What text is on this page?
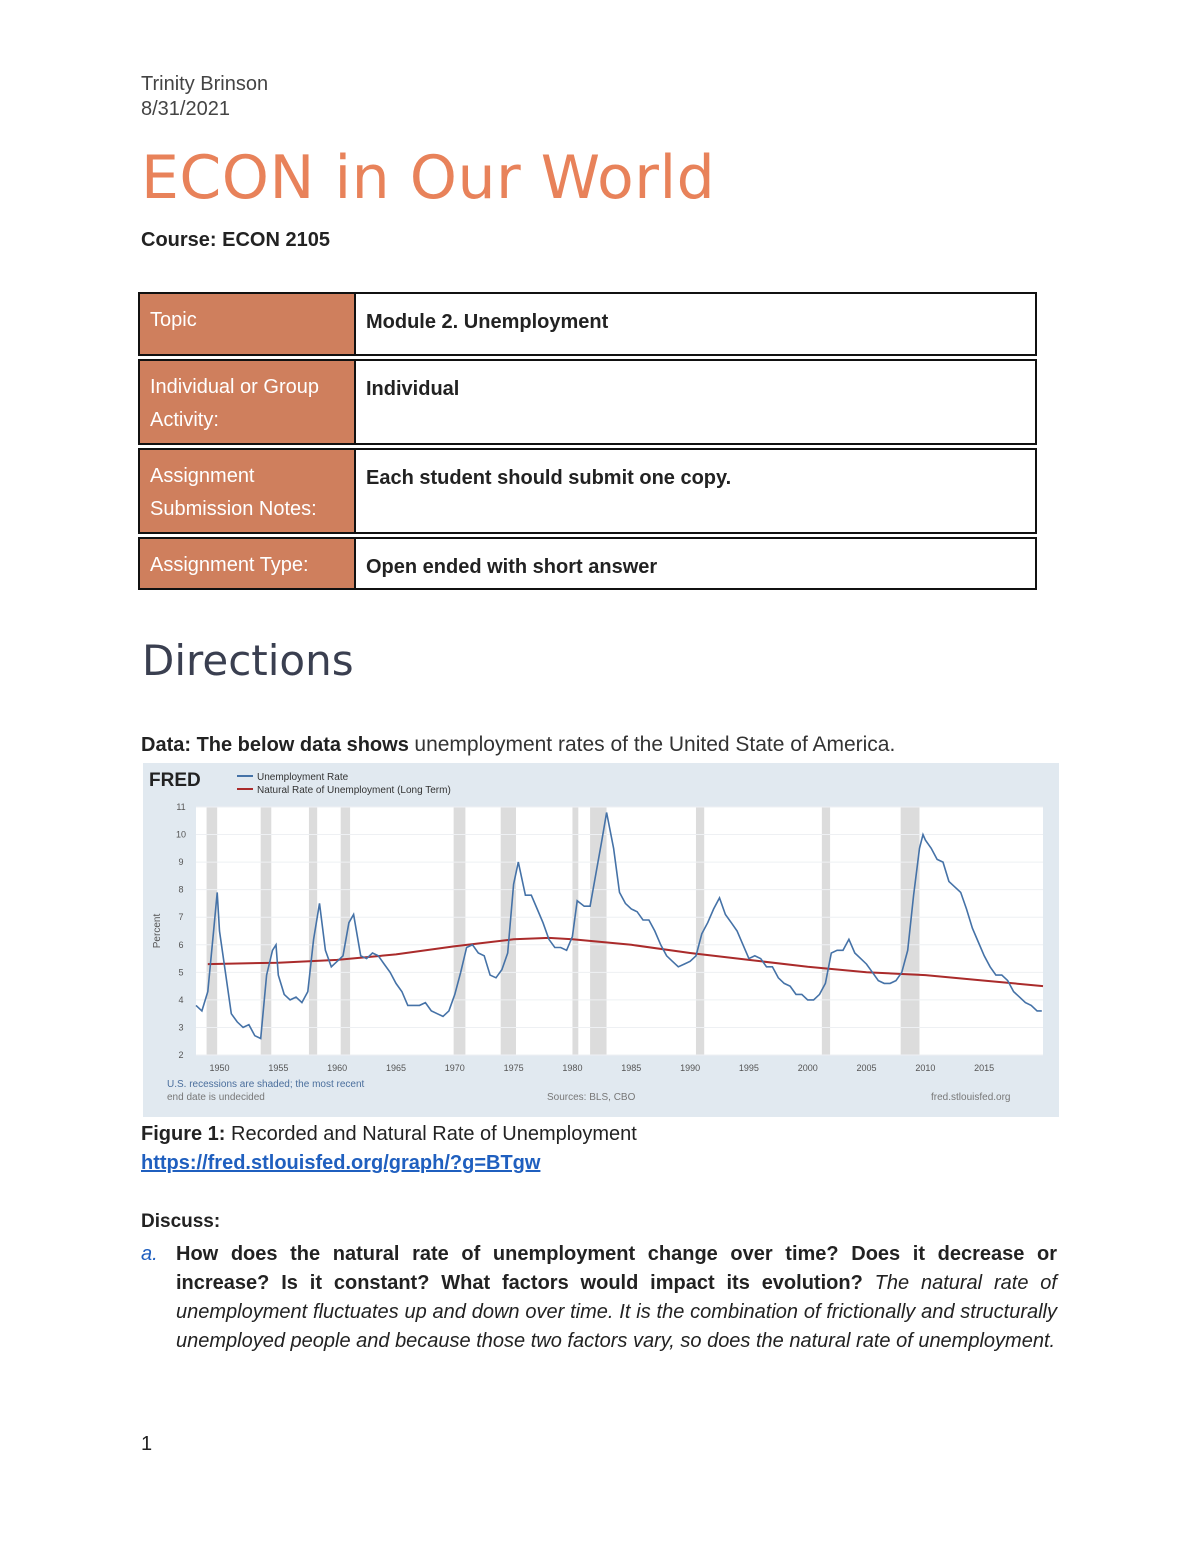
Trinity Brinson
8/31/2021
ECON in Our World
Course: ECON 2105
Topic	Module 2. Unemployment
Individual or Group Activity:	Individual
Assignment Submission Notes:	Each student should submit one copy.
Assignment Type:	Open ended with short answer
Directions
Data: The below data shows unemployment rates of the United State of America.
FRED	Unemployment Rate
Natural Rate of Unemployment (Long Term)
2
3
4
5
6
7
8
9
10
11
1950	1955	1960	1965	1970	1975	1980	1985	1990	1995	2000	2005	2010	2015
Percent
U.S. recessions are shaded; the most recent
end date is undecided	Sources: BLS, CBO	fred.stlouisfed.org
Figure 1: Recorded and Natural Rate of Unemployment
https://fred.stlouisfed.org/graph/?g=BTgw
Discuss:
a. How does the natural rate of unemployment change over time? Does it decrease or increase? Is it constant? What factors would impact its evolution? The natural rate of unemployment fluctuates up and down over time. It is the combination of frictionally and structurally unemployed people and because those two factors vary, so does the natural rate of unemployment.
1
